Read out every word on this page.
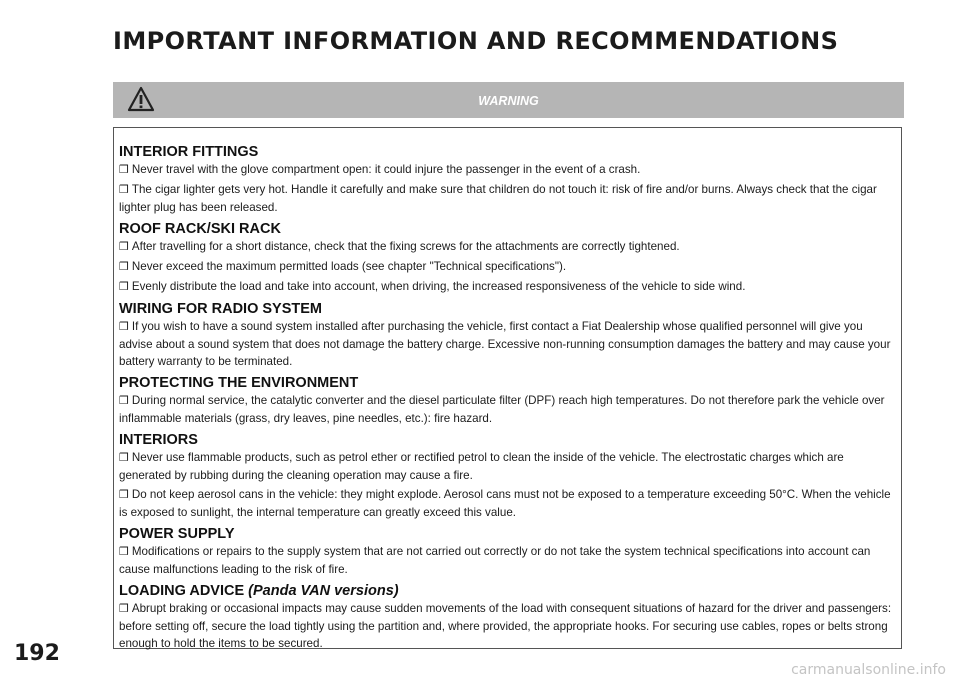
IMPORTANT INFORMATION AND RECOMMENDATIONS
WARNING
INTERIOR FITTINGS
❒ Never travel with the glove compartment open: it could injure the passenger in the event of a crash.
❒ The cigar lighter gets very hot. Handle it carefully and make sure that children do not touch it: risk of fire and/or burns. Always check that the cigar lighter plug has been released.
ROOF RACK/SKI RACK
❒ After travelling for a short distance, check that the fixing screws for the attachments are correctly tightened.
❒ Never exceed the maximum permitted loads (see chapter "Technical specifications").
❒ Evenly distribute the load and take into account, when driving, the increased responsiveness of the vehicle to side wind.
WIRING FOR RADIO SYSTEM
❒ If you wish to have a sound system installed after purchasing the vehicle, first contact a Fiat Dealership whose qualified personnel will give you advise about a sound system that does not damage the battery charge. Excessive non-running consumption damages the battery and may cause your battery warranty to be terminated.
PROTECTING THE ENVIRONMENT
❒ During normal service, the catalytic converter and the diesel particulate filter (DPF) reach high temperatures. Do not therefore park the vehicle over inflammable materials (grass, dry leaves, pine needles, etc.): fire hazard.
INTERIORS
❒ Never use flammable products, such as petrol ether or rectified petrol to clean the inside of the vehicle. The electrostatic charges which are generated by rubbing during the cleaning operation may cause a fire.
❒ Do not keep aerosol cans in the vehicle: they might explode. Aerosol cans must not be exposed to a temperature exceeding 50°C. When the vehicle is exposed to sunlight, the internal temperature can greatly exceed this value.
POWER SUPPLY
❒ Modifications or repairs to the supply system that are not carried out correctly or do not take the system technical specifications into account can cause malfunctions leading to the risk of fire.
LOADING ADVICE (Panda VAN versions)
❒ Abrupt braking or occasional impacts may cause sudden movements of the load with consequent situations of hazard for the driver and passengers: before setting off, secure the load tightly using the partition and, where provided, the appropriate hooks. For securing use cables, ropes or belts strong enough to hold the items to be secured.
192
carmanualsonline.info
